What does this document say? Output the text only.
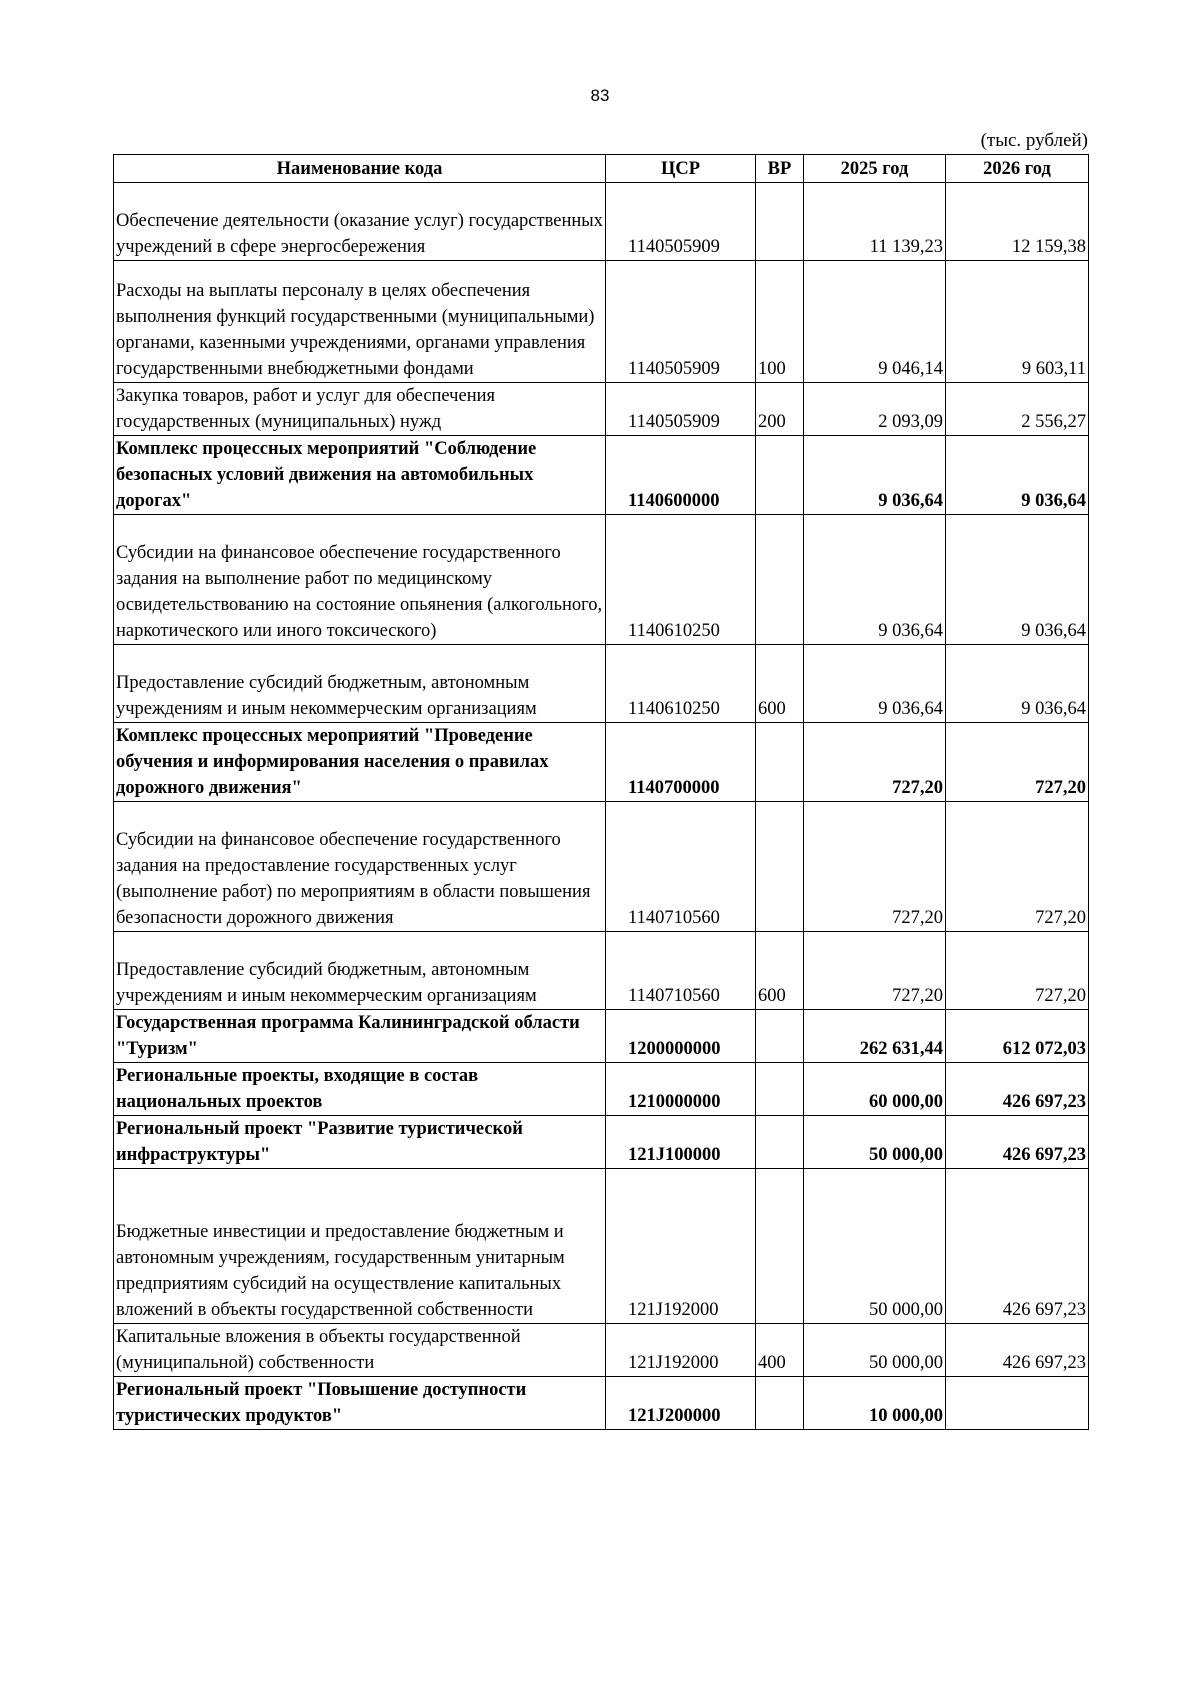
83
(тыс. рублей)
Наименование кода	ЦСР	ВР	2025 год	2026 год
Обеспечение деятельности (оказание услуг) государственных учреждений в сфере энергосбережения	1140505909		11 139,23	12 159,38
Расходы на выплаты персоналу в целях обеспечения выполнения функций государственными (муниципальными) органами, казенными учреждениями, органами управления государственными внебюджетными фондами	1140505909	100	9 046,14	9 603,11
Закупка товаров, работ и услуг для обеспечения государственных (муниципальных) нужд	1140505909	200	2 093,09	2 556,27
Комплекс процессных мероприятий "Соблюдение безопасных условий движения на автомобильных дорогах"	1140600000		9 036,64	9 036,64
Субсидии на финансовое обеспечение государственного задания на выполнение работ по медицинскому освидетельствованию на состояние опьянения (алкогольного, наркотического или иного токсического)	1140610250		9 036,64	9 036,64
Предоставление субсидий бюджетным, автономным учреждениям и иным некоммерческим организациям	1140610250	600	9 036,64	9 036,64
Комплекс процессных мероприятий "Проведение обучения и информирования населения о правилах дорожного движения"	1140700000		727,20	727,20
Субсидии на финансовое обеспечение государственного задания на предоставление государственных услуг (выполнение работ) по мероприятиям в области повышения безопасности дорожного движения	1140710560		727,20	727,20
Предоставление субсидий бюджетным, автономным учреждениям и иным некоммерческим организациям	1140710560	600	727,20	727,20
Государственная программа Калининградской области "Туризм"	1200000000		262 631,44	612 072,03
Региональные проекты, входящие в состав национальных проектов	1210000000		60 000,00	426 697,23
Региональный проект "Развитие туристической инфраструктуры"	121J100000		50 000,00	426 697,23
Бюджетные инвестиции и предоставление бюджетным и автономным учреждениям, государственным унитарным предприятиям субсидий на осуществление капитальных вложений в объекты государственной собственности	121J192000		50 000,00	426 697,23
Капитальные вложения в объекты государственной (муниципальной) собственности	121J192000	400	50 000,00	426 697,23
Региональный проект "Повышение доступности туристических продуктов"	121J200000		10 000,00	
